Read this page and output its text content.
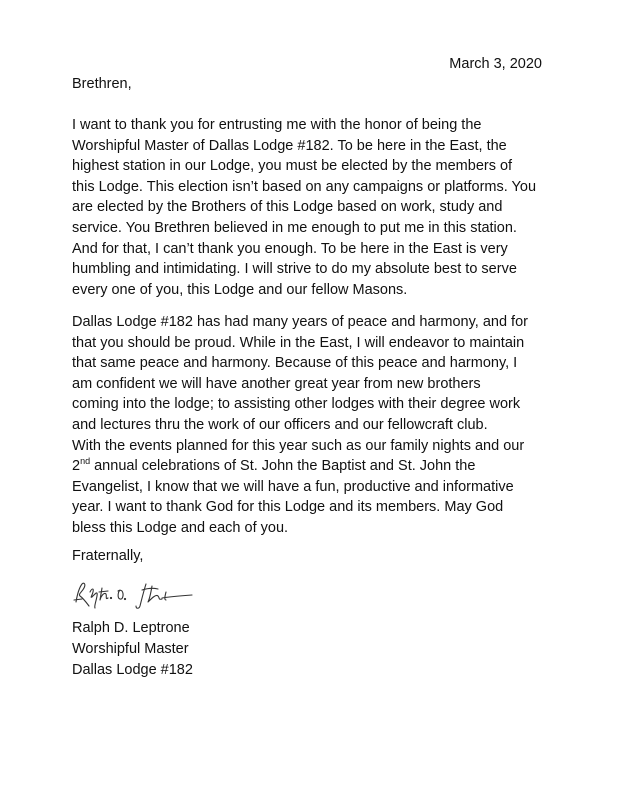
March 3, 2020
Brethren,
I want to thank you for entrusting me with the honor of being the
Worshipful Master of Dallas Lodge #182. To be here in the East, the
highest station in our Lodge, you must be elected by the members of
this Lodge. This election isn’t based on any campaigns or platforms. You
are elected by the Brothers of this Lodge based on work, study and
service. You Brethren believed in me enough to put me in this station.
And for that, I can’t thank you enough. To be here in the East is very
humbling and intimidating. I will strive to do my absolute best to serve
every one of you, this Lodge and our fellow Masons.
Dallas Lodge #182 has had many years of peace and harmony, and for
that you should be proud. While in the East, I will endeavor to maintain
that same peace and harmony. Because of this peace and harmony, I
am confident we will have another great year from new brothers
coming into the lodge; to assisting other lodges with their degree work
and lectures thru the work of our officers and our fellowcraft club.
With the events planned for this year such as our family nights and our
2nd annual celebrations of St. John the Baptist and St. John the
Evangelist, I know that we will have a fun, productive and informative
year. I want to thank God for this Lodge and its members. May God
bless this Lodge and each of you.
Fraternally,
Ralph D. Leptrone
Worshipful Master
Dallas Lodge #182
